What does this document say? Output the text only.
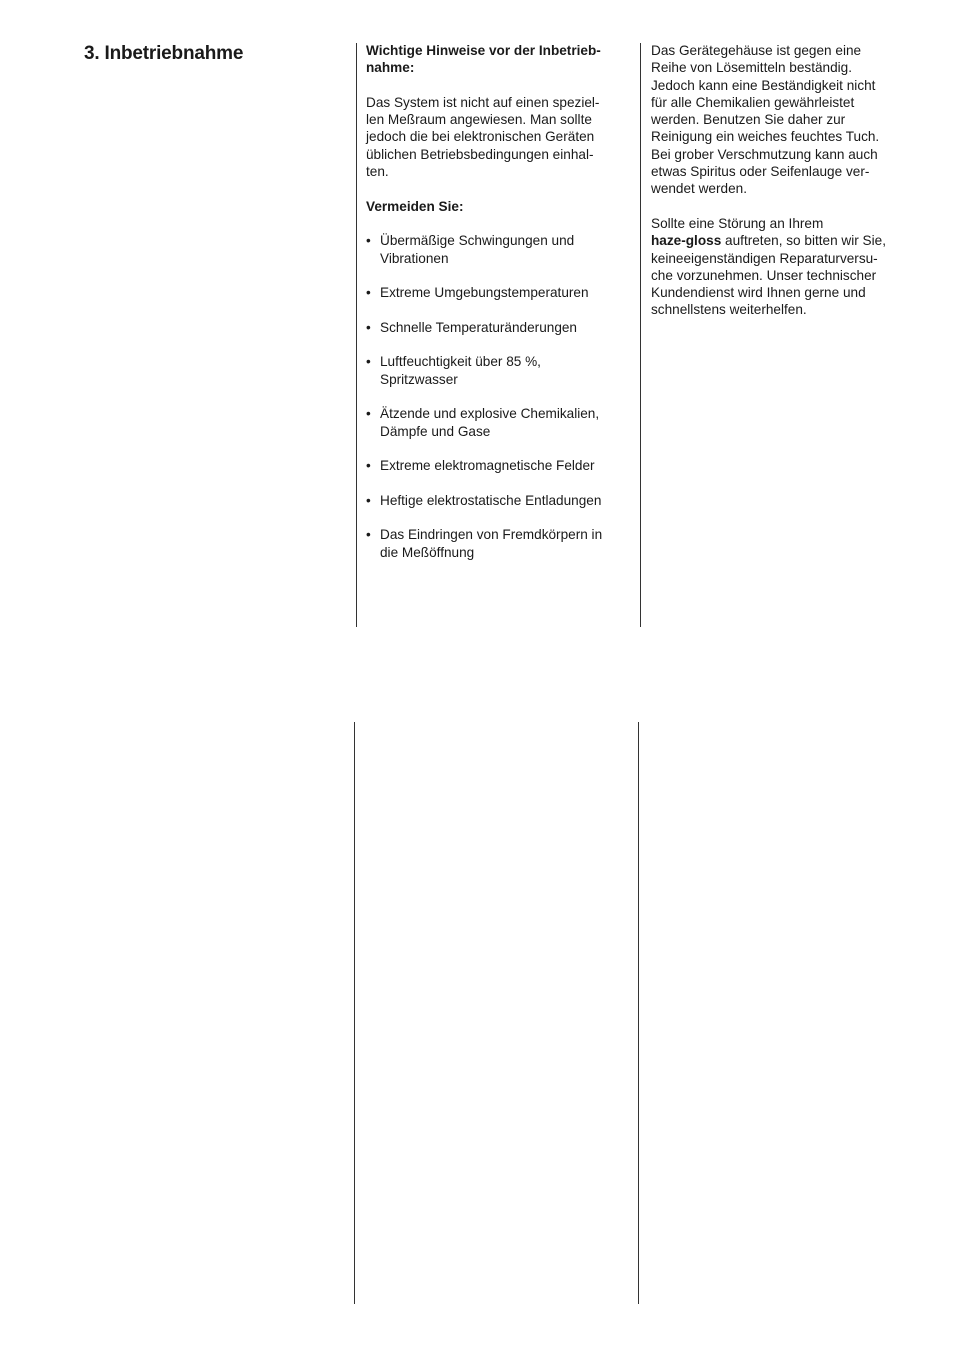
3. Inbetriebnahme	Wichtige Hinweise vor der Inbetrieb-
nahme:

Das System ist nicht auf einen speziel-
len Meßraum angewiesen. Man sollte
jedoch die bei elektronischen Geräten
üblichen Betriebsbedingungen einhal-
ten.

Vermeiden Sie:

• Übermäßige Schwingungen und
Vibrationen
• Extreme Umgebungstemperaturen
• Schnelle Temperaturänderungen
• Luftfeuchtigkeit über 85 %,
Spritzwasser
• Ätzende und explosive Chemikalien,
Dämpfe und Gase
• Extreme elektromagnetische Felder
• Heftige elektrostatische Entladungen
• Das Eindringen von Fremdkörpern in
die Meßöffnung

Das Gerätegehäuse ist gegen eine
Reihe von Lösemitteln beständig.
Jedoch kann eine Beständigkeit nicht
für alle Chemikalien gewährleistet
werden. Benutzen Sie daher zur
Reinigung ein weiches feuchtes Tuch.
Bei grober Verschmutzung kann auch
etwas Spiritus oder Seifenlauge ver-
wendet werden.

Sollte eine Störung an Ihrem
haze-gloss auftreten, so bitten wir Sie,
keineeigenständigen Reparaturversu-
che vorzunehmen. Unser technischer
Kundendienst wird Ihnen gerne und
schnellstens weiterhelfen.
